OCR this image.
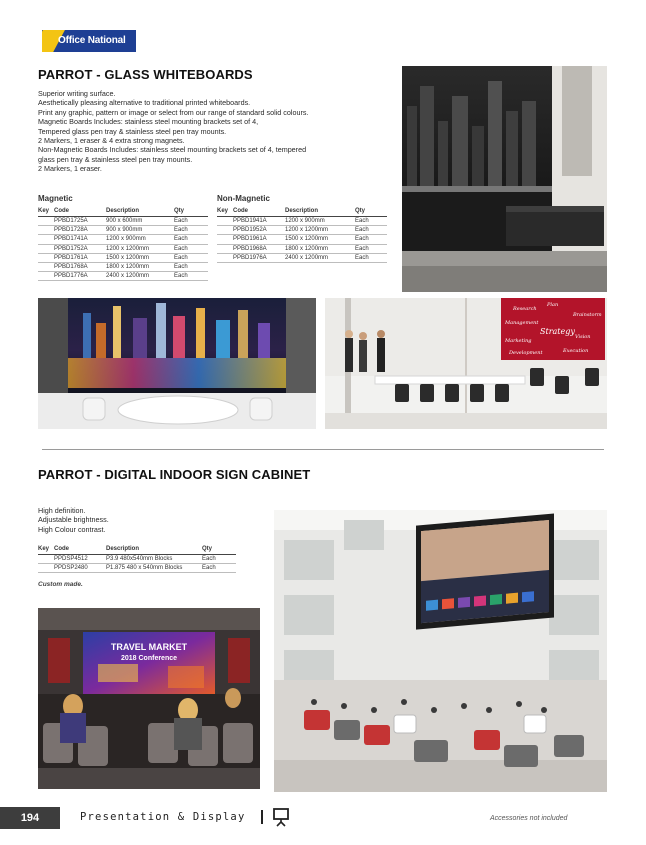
Office National
PARROT - GLASS WHITEBOARDS
Superior writing surface.
Aesthetically pleasing alternative to traditional printed whiteboards.
Print any graphic, pattern or image or select from our range of standard solid colours.
Magnetic Boards Includes: stainless steel mounting brackets set of 4,
Tempered glass pen tray & stainless steel pen tray mounts.
2 Markers, 1 eraser & 4 extra strong magnets.
Non-Magnetic Boards Includes: stainless steel mounting brackets set of 4, tempered
glass pen tray & stainless steel pen tray mounts.
2 Markers, 1 eraser.
Magnetic
Key	Code	Description	Qty
	PPBD1725A	900 x 600mm	Each
	PPBD1728A	900 x 900mm	Each
	PPBD1741A	1200 x 900mm	Each
	PPBD1752A	1200 x 1200mm	Each
	PPBD1761A	1500 x 1200mm	Each
	PPBD1768A	1800 x 1200mm	Each
	PPBD1776A	2400 x 1200mm	Each
Non-Magnetic
Key	Code	Description	Qty
	PPBD1941A	1200 x 900mm	Each
	PPBD1952A	1200 x 1200mm	Each
	PPBD1961A	1500 x 1200mm	Each
	PPBD1968A	1800 x 1200mm	Each
	PPBD1976A	2400 x 1200mm	Each
Research
Plan
Brainstorm
Management
Strategy
Marketing
Vision
Development	Execution
PARROT - DIGITAL INDOOR SIGN CABINET
High definition.
Adjustable brightness.
High Colour contrast.
Key	Code	Description	Qty
	PPDSP4512	P3.9 480x540mm Blocks	Each
	PPDSP2480	P1.875 480 x 540mm Blocks	Each
Custom made.
TRAVEL MARKET
2018 Conference
194	Presentation & Display	Accessories not included
